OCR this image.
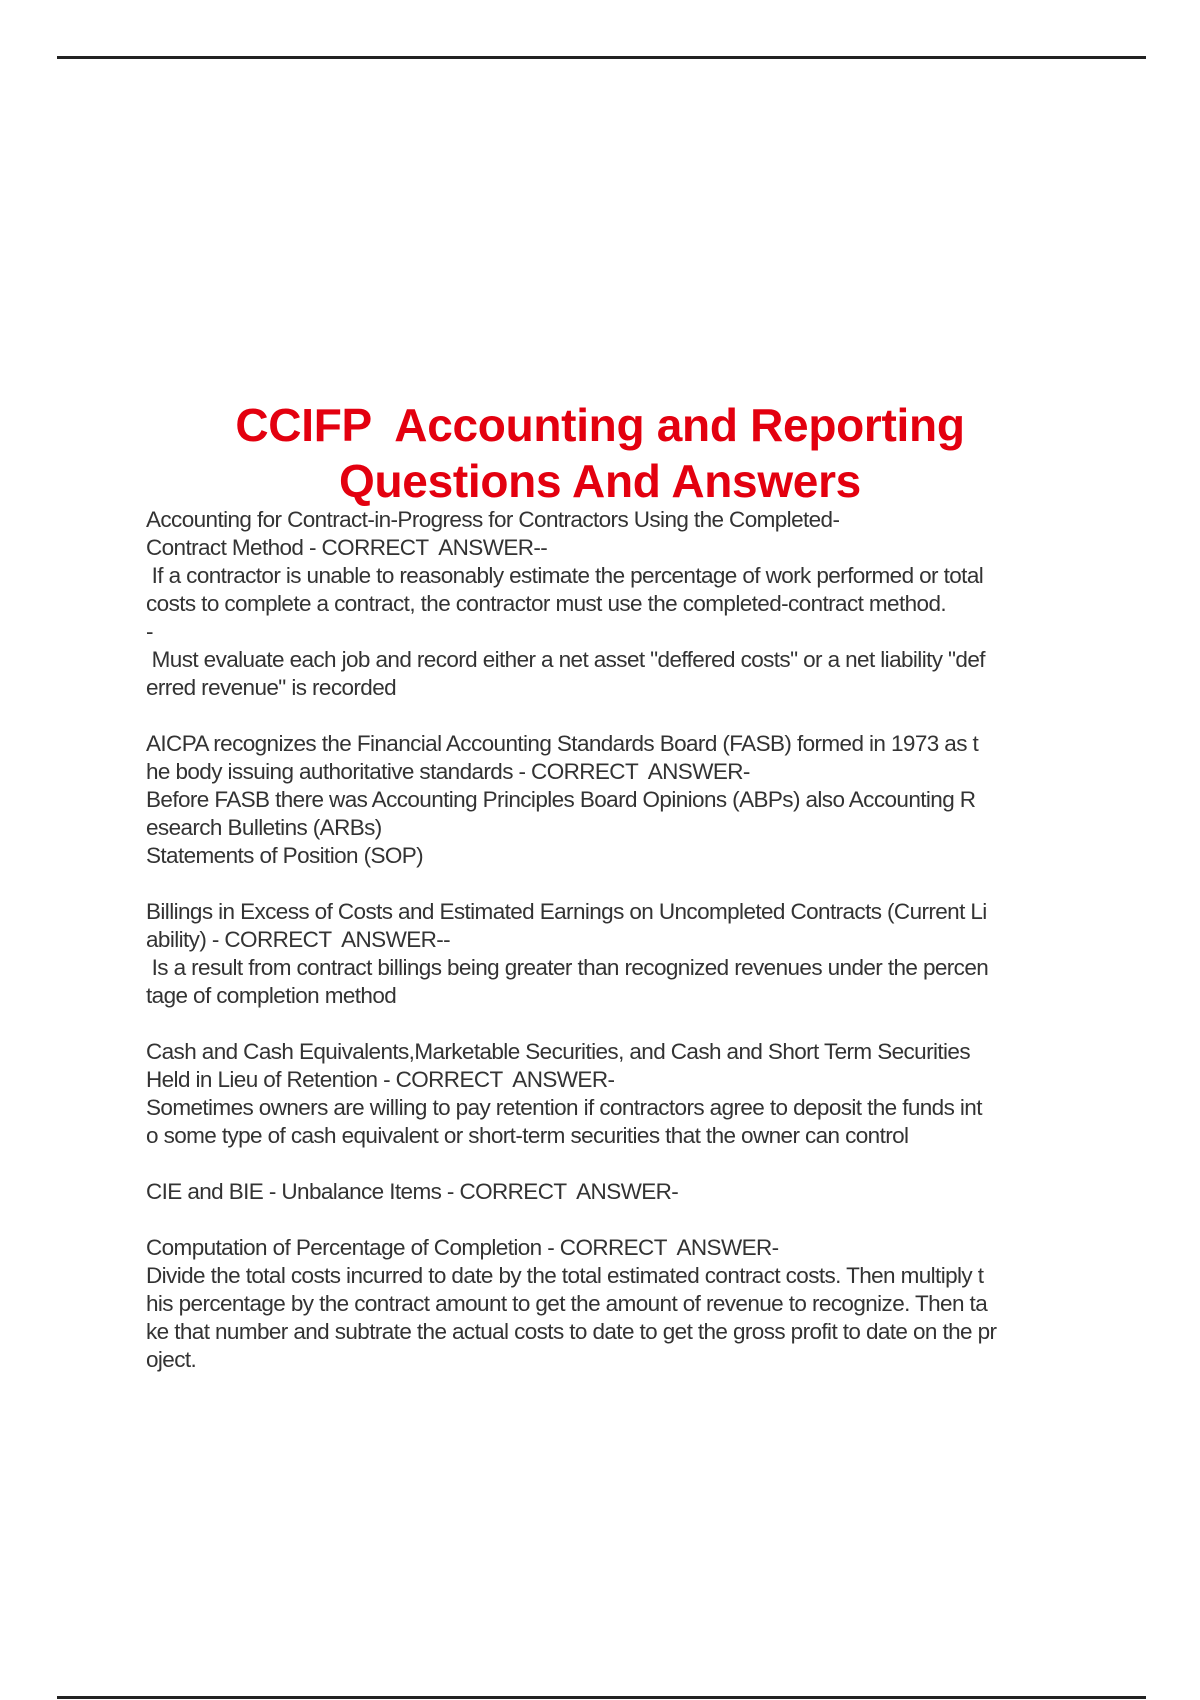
CCIFP  Accounting and Reporting
Questions And Answers
Accounting for Contract-in-Progress for Contractors Using the Completed-
Contract Method - CORRECT  ANSWER--
If a contractor is unable to reasonably estimate the percentage of work performed or total
costs to complete a contract, the contractor must use the completed-contract method.
-
Must evaluate each job and record either a net asset "deffered costs" or a net liability "def
erred revenue" is recorded
AICPA recognizes the Financial Accounting Standards Board (FASB) formed in 1973 as t
he body issuing authoritative standards - CORRECT  ANSWER-
Before FASB there was Accounting Principles Board Opinions (ABPs) also Accounting R
esearch Bulletins (ARBs)
Statements of Position (SOP)
Billings in Excess of Costs and Estimated Earnings on Uncompleted Contracts (Current Li
ability) - CORRECT  ANSWER--
Is a result from contract billings being greater than recognized revenues under the percen
tage of completion method
Cash and Cash Equivalents,Marketable Securities, and Cash and Short Term Securities
Held in Lieu of Retention - CORRECT  ANSWER-
Sometimes owners are willing to pay retention if contractors agree to deposit the funds int
o some type of cash equivalent or short-term securities that the owner can control
CIE and BIE - Unbalance Items - CORRECT  ANSWER-
Computation of Percentage of Completion - CORRECT  ANSWER-
Divide the total costs incurred to date by the total estimated contract costs. Then multiply t
his percentage by the contract amount to get the amount of revenue to recognize. Then ta
ke that number and subtrate the actual costs to date to get the gross profit to date on the pr
oject.
